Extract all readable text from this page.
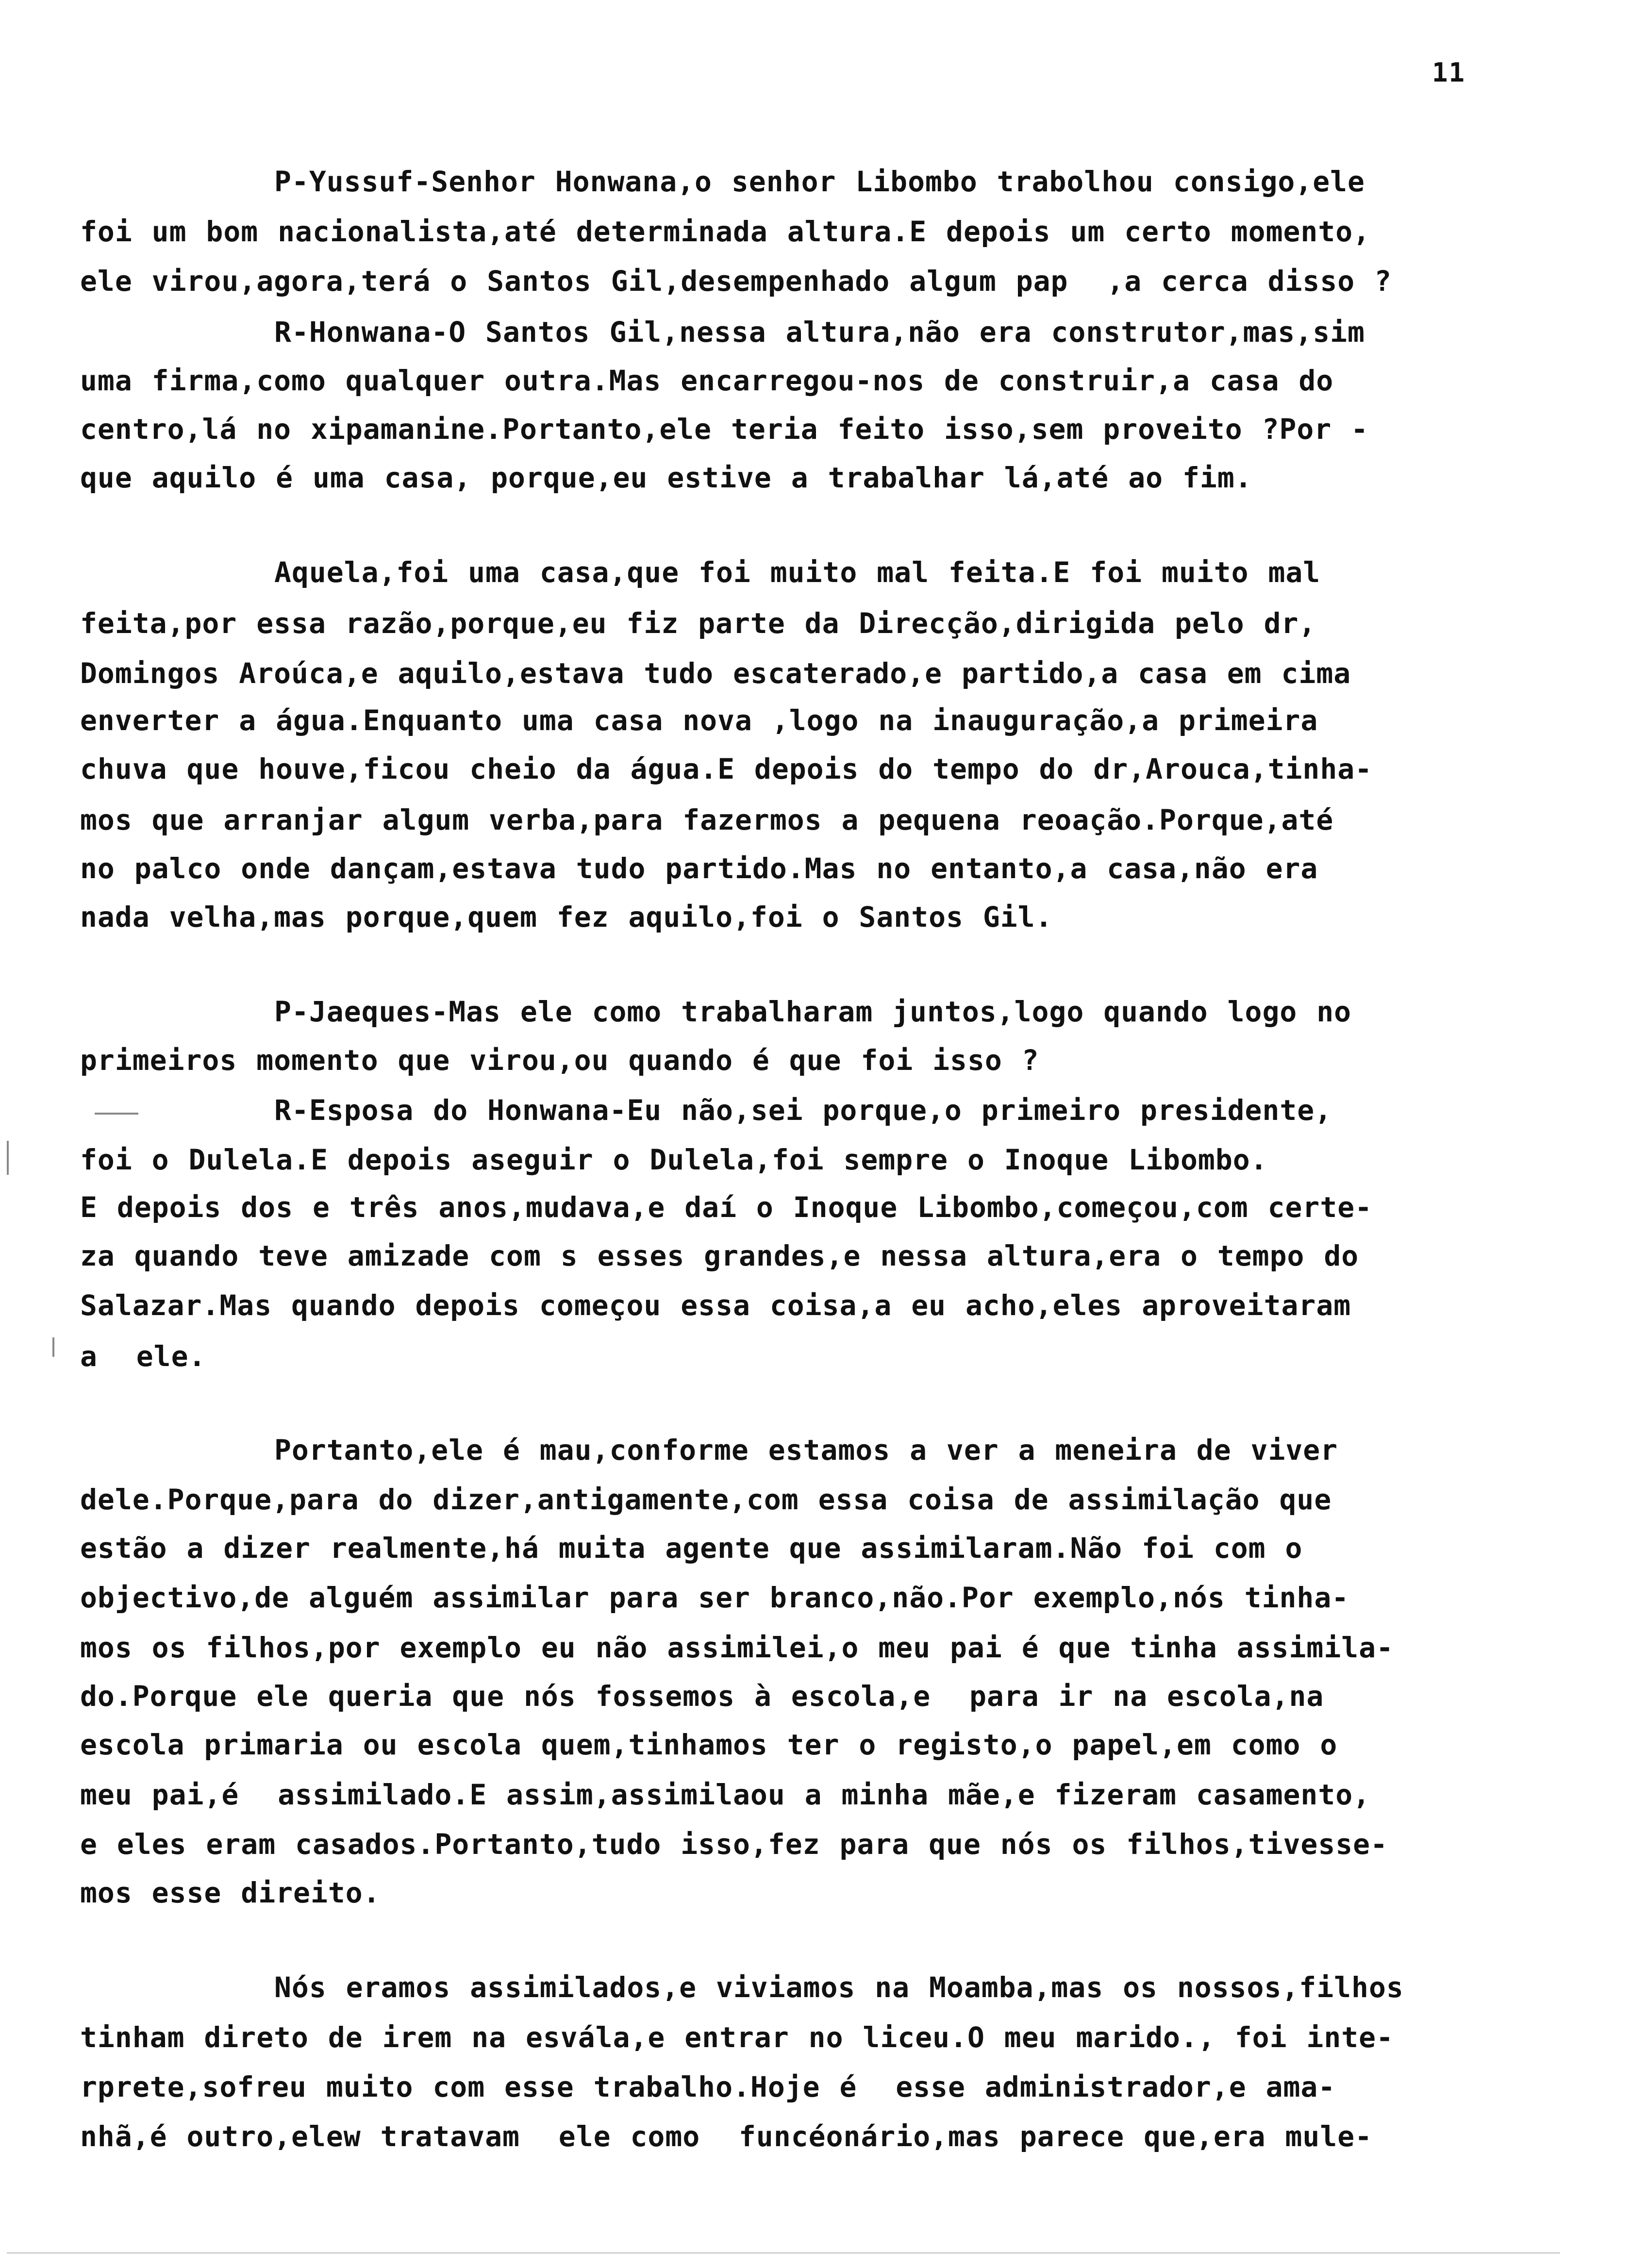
11
P-Yussuf-Senhor Honwana,o senhor Libombo trabolhou consigo,ele
foi um bom nacionalista,até determinada altura.E depois um certo momento,
ele virou,agora,terá o Santos Gil,desempenhado algum pap  ,a cerca disso ?
R-Honwana-O Santos Gil,nessa altura,não era construtor,mas,sim
uma firma,como qualquer outra.Mas encarregou-nos de construir,a casa do
centro,lá no xipamanine.Portanto,ele teria feito isso,sem proveito ?Por -
que aquilo é uma casa, porque,eu estive a trabalhar lá,até ao fim.
Aquela,foi uma casa,que foi muito mal feita.E foi muito mal
feita,por essa razão,porque,eu fiz parte da Direcção,dirigida pelo dr,
Domingos Aroúca,e aquilo,estava tudo escaterado,e partido,a casa em cima
enverter a água.Enquanto uma casa nova ,logo na inauguração,a primeira
chuva que houve,ficou cheio da água.E depois do tempo do dr,Arouca,tinha-
mos que arranjar algum verba,para fazermos a pequena reoação.Porque,até
no palco onde dançam,estava tudo partido.Mas no entanto,a casa,não era
nada velha,mas porque,quem fez aquilo,foi o Santos Gil.
P-Jaeques-Mas ele como trabalharam juntos,logo quando logo no
primeiros momento que virou,ou quando é que foi isso ?
R-Esposa do Honwana-Eu não,sei porque,o primeiro presidente,
foi o Dulela.E depois aseguir o Dulela,foi sempre o Inoque Libombo.
E depois dos e três anos,mudava,e daí o Inoque Libombo,começou,com certe-
za quando teve amizade com s esses grandes,e nessa altura,era o tempo do
Salazar.Mas quando depois começou essa coisa,a eu acho,eles aproveitaram
a  ele.
Portanto,ele é mau,conforme estamos a ver a meneira de viver
dele.Porque,para do dizer,antigamente,com essa coisa de assimilação que
estão a dizer realmente,há muita agente que assimilaram.Não foi com o
objectivo,de alguém assimilar para ser branco,não.Por exemplo,nós tinha-
mos os filhos,por exemplo eu não assimilei,o meu pai é que tinha assimila-
do.Porque ele queria que nós fossemos à escola,e  para ir na escola,na
escola primaria ou escola quem,tinhamos ter o registo,o papel,em como o
meu pai,é  assimilado.E assim,assimilaou a minha mãe,e fizeram casamento,
e eles eram casados.Portanto,tudo isso,fez para que nós os filhos,tivesse-
mos esse direito.
Nós eramos assimilados,e viviamos na Moamba,mas os nossos,filhos
tinham direto de irem na esvála,e entrar no liceu.O meu marido., foi inte-
rprete,sofreu muito com esse trabalho.Hoje é  esse administrador,e ama-
nhã,é outro,elew tratavam  ele como  funcéonário,mas parece que,era mule-
